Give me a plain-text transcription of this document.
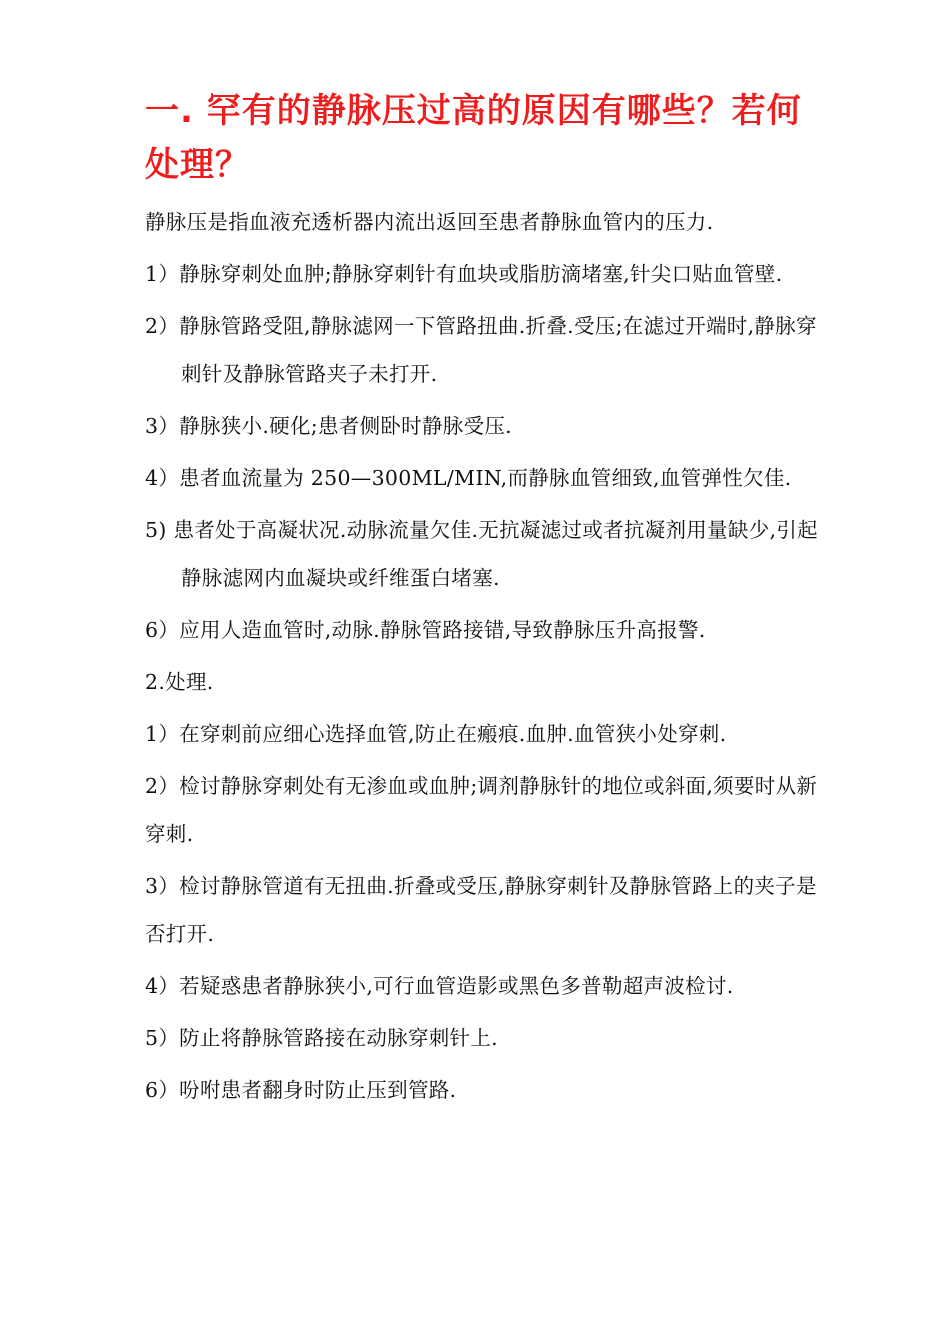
一. 罕有的静脉压过高的原因有哪些？若何处理？

静脉压是指血液充透析器内流出返回至患者静脉血管内的压力.

1）静脉穿刺处血肿;静脉穿刺针有血块或脂肪滴堵塞,针尖口贴血管壁.

2）静脉管路受阻,静脉滤网一下管路扭曲.折叠.受压;在滤过开端时,静脉穿刺针及静脉管路夹子未打开.

3）静脉狭小.硬化;患者侧卧时静脉受压.

4）患者血流量为 250—300ML/MIN,而静脉血管细致,血管弹性欠佳.

5) 患者处于高凝状况.动脉流量欠佳.无抗凝滤过或者抗凝剂用量缺少,引起静脉滤网内血凝块或纤维蛋白堵塞.

6）应用人造血管时,动脉.静脉管路接错,导致静脉压升高报警.

2.处理.

1）在穿刺前应细心选择血管,防止在瘢痕.血肿.血管狭小处穿刺.

2）检讨静脉穿刺处有无渗血或血肿;调剂静脉针的地位或斜面,须要时从新穿刺.

3）检讨静脉管道有无扭曲.折叠或受压,静脉穿刺针及静脉管路上的夹子是否打开.

4）若疑惑患者静脉狭小,可行血管造影或黑色多普勒超声波检讨.

5）防止将静脉管路接在动脉穿刺针上.

6）吩咐患者翻身时防止压到管路.
